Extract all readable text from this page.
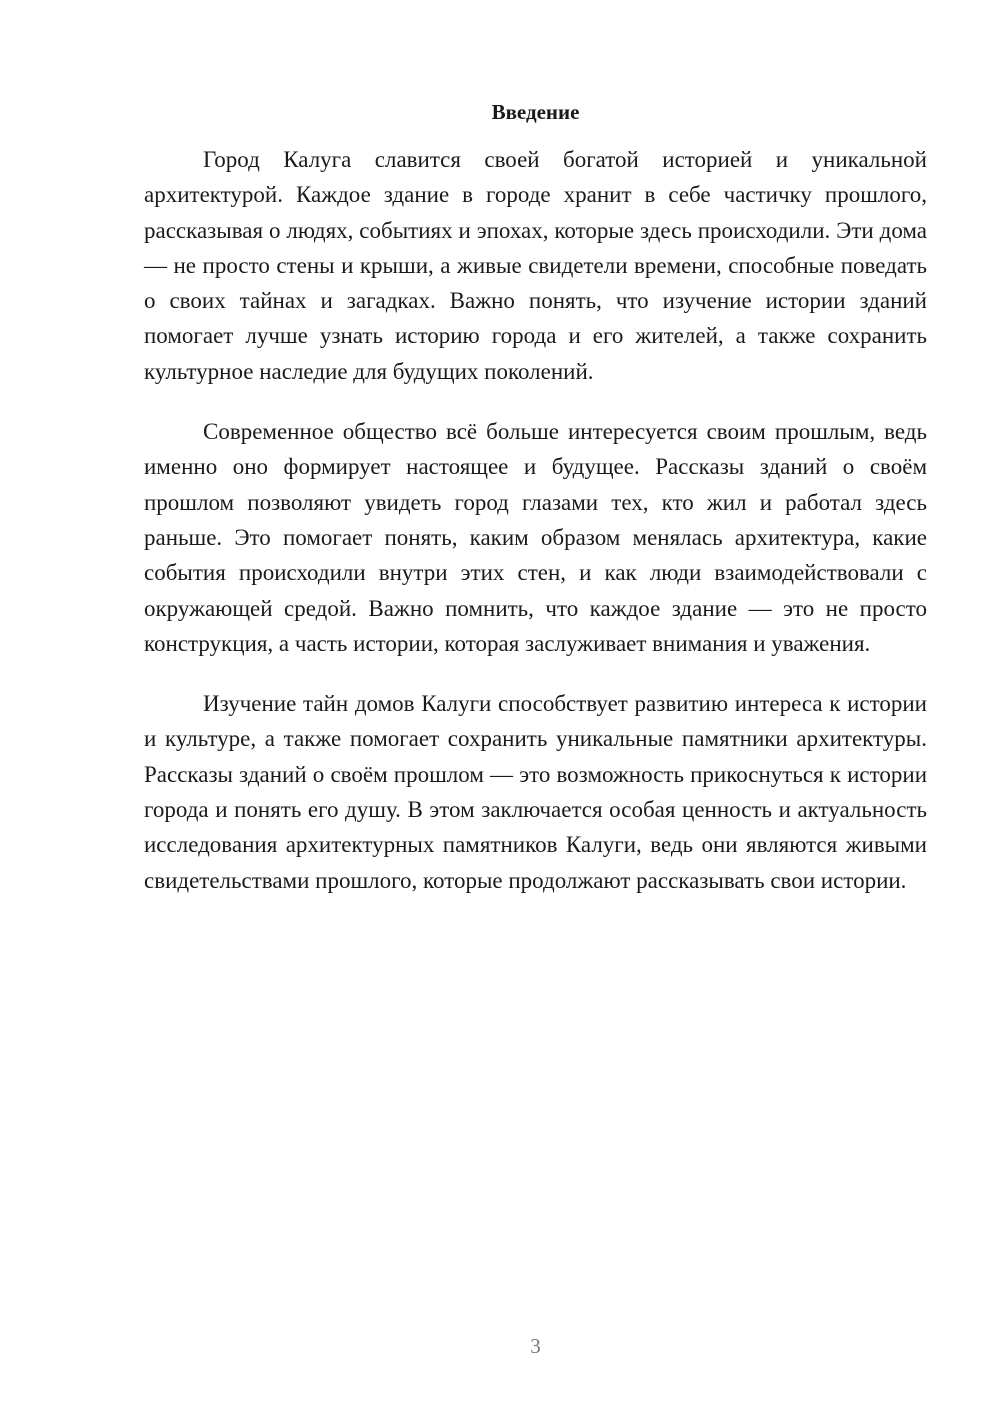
Введение

Город Калуга славится своей богатой историей и уникальной архитектурой. Каждое здание в городе хранит в себе частичку прошлого, рассказывая о людях, событиях и эпохах, которые здесь происходили. Эти дома — не просто стены и крыши, а живые свидетели времени, способные поведать о своих тайнах и загадках. Важно понять, что изучение истории зданий помогает лучше узнать историю города и его жителей, а также сохранить культурное наследие для будущих поколений.

Современное общество всё больше интересуется своим прошлым, ведь именно оно формирует настоящее и будущее. Рассказы зданий о своём прошлом позволяют увидеть город глазами тех, кто жил и работал здесь раньше. Это помогает понять, каким образом менялась архитектура, какие события происходили внутри этих стен, и как люди взаимодействовали с окружающей средой. Важно помнить, что каждое здание — это не просто конструкция, а часть истории, которая заслуживает внимания и уважения.

Изучение тайн домов Калуги способствует развитию интереса к истории и культуре, а также помогает сохранить уникальные памятники архитектуры. Рассказы зданий о своём прошлом — это возможность прикоснуться к истории города и понять его душу. В этом заключается особая ценность и актуальность исследования архитектурных памятников Калуги, ведь они являются живыми свидетельствами прошлого, которые продолжают рассказывать свои истории.

3
